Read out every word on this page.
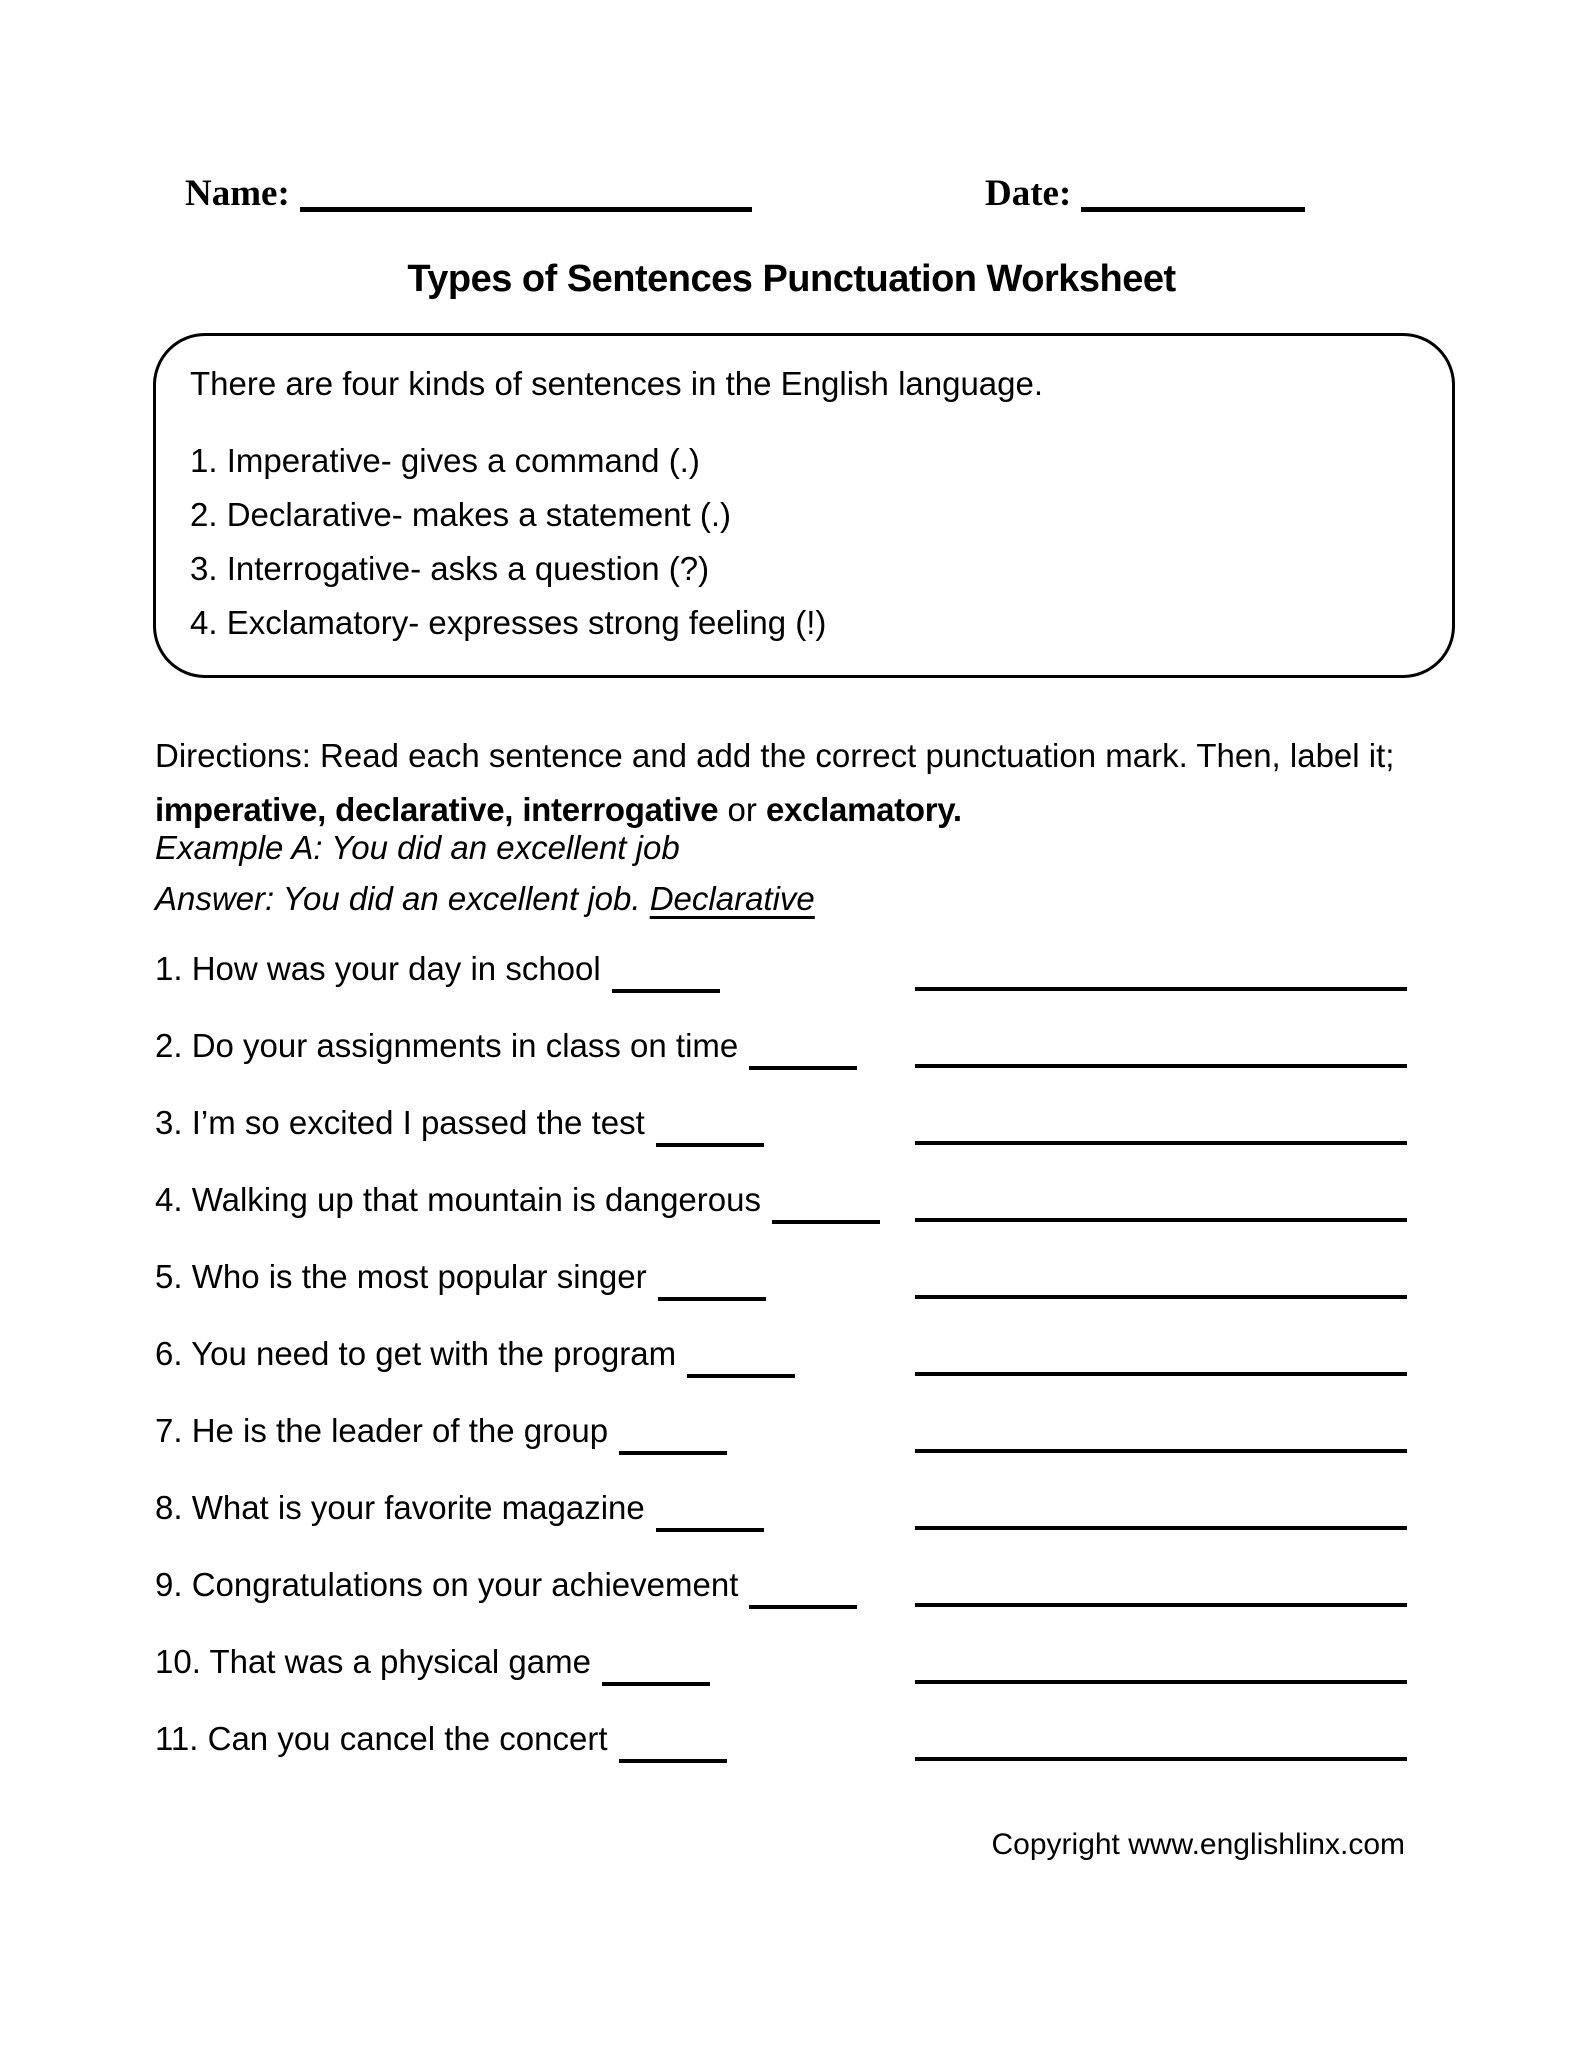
Name:	Date:
Types of Sentences Punctuation Worksheet
There are four kinds of sentences in the English language.
1. Imperative- gives a command (.)
2. Declarative- makes a statement (.)
3. Interrogative- asks a question (?)
4. Exclamatory- expresses strong feeling (!)

Directions: Read each sentence and add the correct punctuation mark. Then, label it; imperative, declarative, interrogative or exclamatory.

Example A: You did an excellent job
Answer: You did an excellent job. Declarative
1. How was your day in school
2. Do your assignments in class on time
3. I’m so excited I passed the test
4. Walking up that mountain is dangerous
5. Who is the most popular singer
6. You need to get with the program
7. He is the leader of the group
8. What is your favorite magazine
9. Congratulations on your achievement
10. That was a physical game
11. Can you cancel the concert
Copyright www.englishlinx.com
